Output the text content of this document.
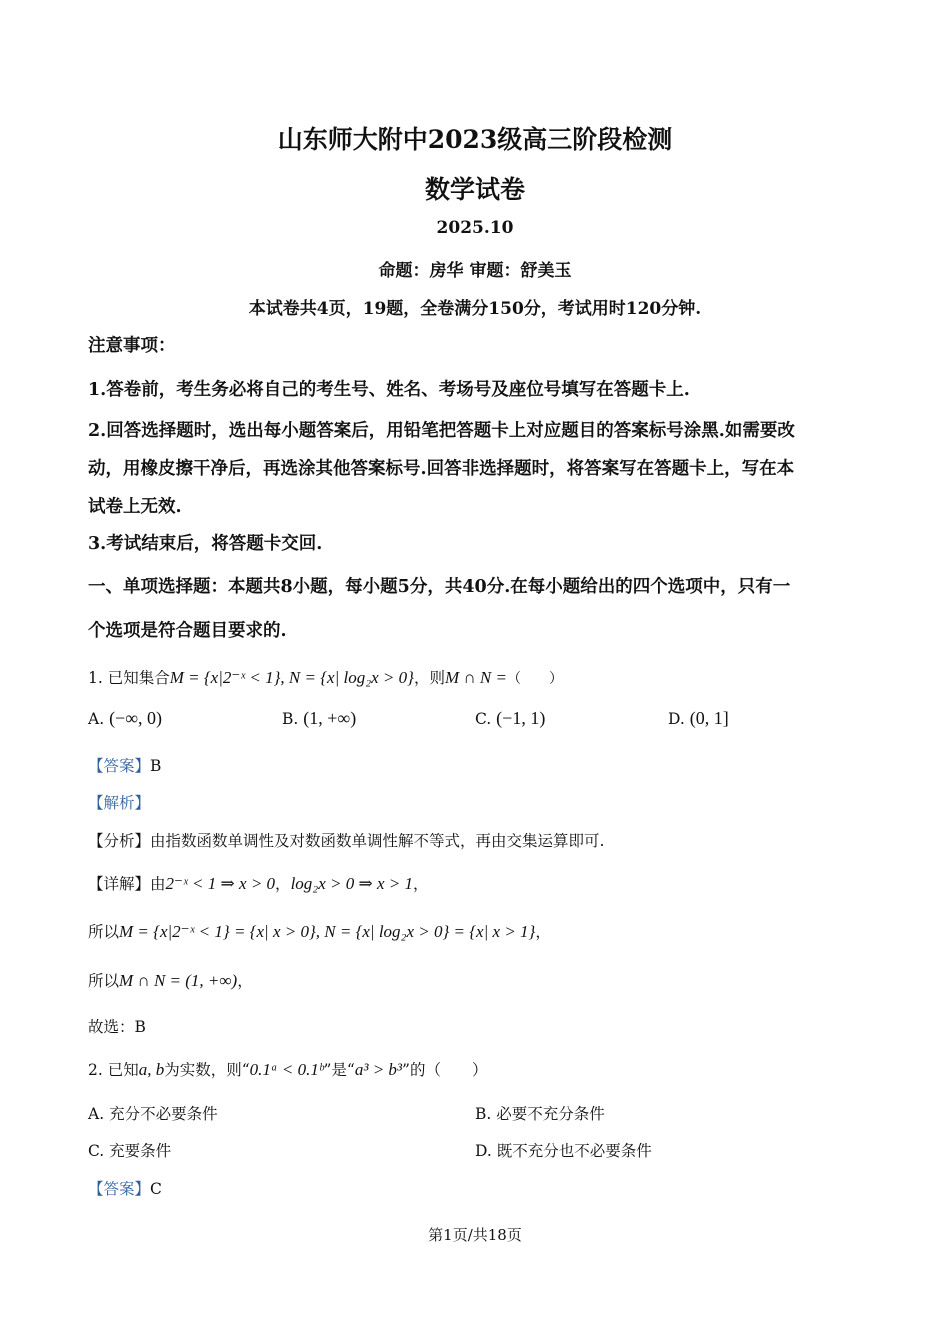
山东师大附中2023级高三阶段检测
数学试卷
2025.10
命题：房华 审题：舒美玉
本试卷共4页，19题，全卷满分150分，考试用时120分钟.
注意事项：
1.答卷前，考生务必将自己的考生号、姓名、考场号及座位号填写在答题卡上.
2.回答选择题时，选出每小题答案后，用铅笔把答题卡上对应题目的答案标号涂黑.如需要改
动，用橡皮擦干净后，再选涂其他答案标号.回答非选择题时，将答案写在答题卡上，写在本
试卷上无效.
3.考试结束后，将答题卡交回.
一、单项选择题：本题共8小题，每小题5分，共40分.在每小题给出的四个选项中，只有一
个选项是符合题目要求的.
1. 已知集合M = {x|2⁻ˣ < 1}, N = {x| log₂x > 0}，则M ∩ N =（　　）
A. (−∞, 0)	B. (1, +∞)	C. (−1, 1)	D. (0, 1]
【答案】B
【解析】
【分析】由指数函数单调性及对数函数单调性解不等式，再由交集运算即可.
【详解】由2⁻ˣ < 1 ⇒ x > 0，log₂x > 0 ⇒ x > 1，
所以M = {x|2⁻ˣ < 1} = {x| x > 0}, N = {x| log₂x > 0} = {x| x > 1}，
所以M ∩ N = (1, +∞)，
故选：B
2. 已知a, b为实数，则“0.1ᵃ < 0.1ᵇ”是“a³ > b³”的（　　）
A. 充分不必要条件	B. 必要不充分条件
C. 充要条件	D. 既不充分也不必要条件
【答案】C
第1页/共18页
